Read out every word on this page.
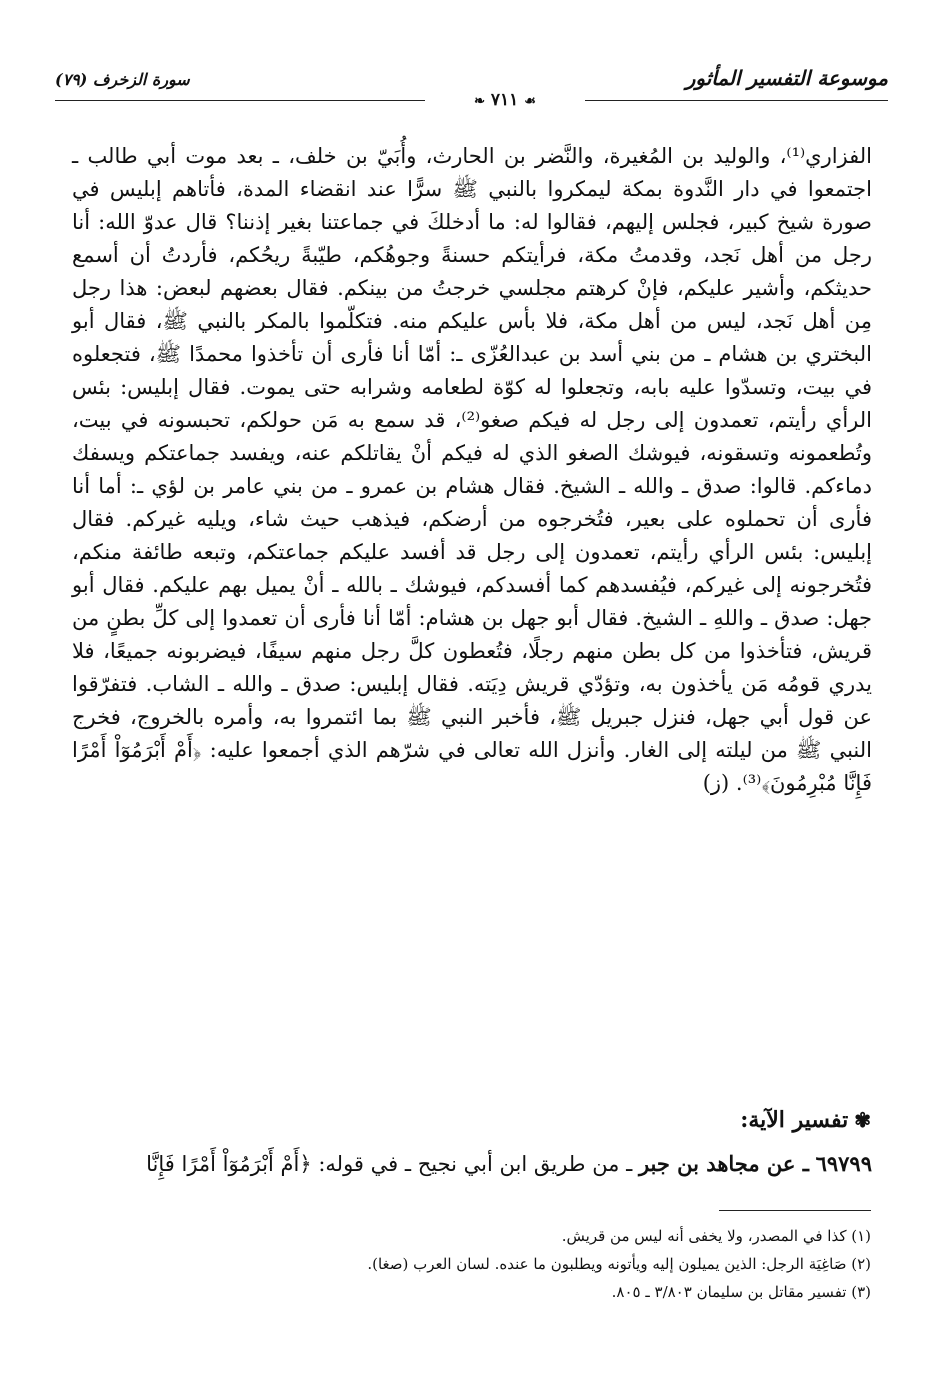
موسوعة التفسير المأثور
سورة الزخرف (٧٩)
❧ ٧١١ ☙

الفزاري⁽¹⁾، والوليد بن المُغيرة، والنَّضر بن الحارث، وأُبَيّ بن خلف، ـ بعد موت أبي طالب ـ اجتمعوا في دار النَّدوة بمكة ليمكروا بالنبي ﷺ سرًّا عند انقضاء المدة، فأتاهم إبليس في صورة شيخ كبير، فجلس إليهم، فقالوا له: ما أدخلكَ في جماعتنا بغير إذننا؟ قال عدوّ الله: أنا رجل من أهل نَجد، وقدمتُ مكة، فرأيتكم حسنةً وجوهُكم، طيّبةً ريحُكم، فأردتُ أن أسمع حديثكم، وأشير عليكم، فإنْ كرهتم مجلسي خرجتُ من بينكم. فقال بعضهم لبعض: هذا رجل مِن أهل نَجد، ليس من أهل مكة، فلا بأس عليكم منه. فتكلّموا بالمكر بالنبي ﷺ، فقال أبو البختري بن هشام ـ من بني أسد بن عبدالعُزّى ـ: أمّا أنا فأرى أن تأخذوا محمدًا ﷺ، فتجعلوه في بيت، وتسدّوا عليه بابه، وتجعلوا له كوّة لطعامه وشرابه حتى يموت. فقال إبليس: بئس الرأي رأيتم، تعمدون إلى رجل له فيكم صغو⁽²⁾، قد سمع به مَن حولكم، تحبسونه في بيت، وتُطعمونه وتسقونه، فيوشك الصغو الذي له فيكم أنْ يقاتلكم عنه، ويفسد جماعتكم ويسفك دماءكم. قالوا: صدق ـ والله ـ الشيخ. فقال هشام بن عمرو ـ من بني عامر بن لؤي ـ: أما أنا فأرى أن تحملوه على بعير، فتُخرجوه من أرضكم، فيذهب حيث شاء، ويليه غيركم. فقال إبليس: بئس الرأي رأيتم، تعمدون إلى رجل قد أفسد عليكم جماعتكم، وتبعه طائفة منكم، فتُخرجونه إلى غيركم، فيُفسدهم كما أفسدكم، فيوشك ـ بالله ـ أنْ يميل بهم عليكم. فقال أبو جهل: صدق ـ واللهِ ـ الشيخ. فقال أبو جهل بن هشام: أمّا أنا فأرى أن تعمدوا إلى كلِّ بطنٍ من قريش، فتأخذوا من كل بطن منهم رجلًا، فتُعطون كلَّ رجل منهم سيفًا، فيضربونه جميعًا، فلا يدري قومُه مَن يأخذون به، وتؤدّي قريش دِيَته. فقال إبليس: صدق ـ والله ـ الشاب. فتفرّقوا عن قول أبي جهل، فنزل جبريل ﷺ، فأخبر النبي ﷺ بما ائتمروا به، وأمره بالخروج، فخرج النبي ﷺ من ليلته إلى الغار. وأنزل الله تعالى في شرّهم الذي أجمعوا عليه: ﴿أَمْ أَبْرَمُوٓاْ أَمْرًا فَإِنَّا مُبْرِمُونَ﴾⁽³⁾. (ز)

✾تفسير الآية:
٦٩٧٩٩ ـ عن مجاهد بن جبر ـ من طريق ابن أبي نجيح ـ في قوله: ﴿أَمْ أَبْرَمُوٓاْ أَمْرًا فَإِنَّا
(١) كذا في المصدر، ولا يخفى أنه ليس من قريش.
(٢) صَاغِيَة الرجل: الذين يميلون إليه ويأتونه ويطلبون ما عنده. لسان العرب (صغا).
(٣) تفسير مقاتل بن سليمان ٣/٨٠٣ ـ ٨٠٥.
